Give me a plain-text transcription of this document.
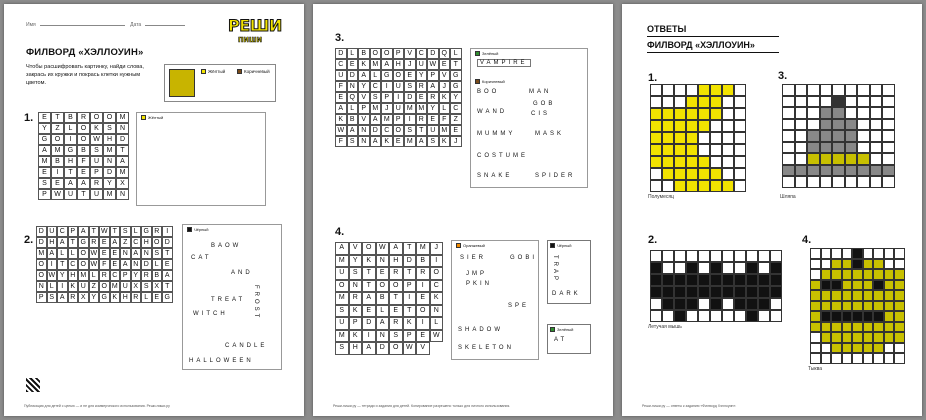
Имя	Дата	РЕШИ
пиши
ФИЛВОРД «ХЭЛЛОУИН»
Чтобы расшифровать картинку, найди слова, закрась их кружки и покрась клетки нужным цветом.
Жёлтый	Коричневый
1.	E	T	B	R	O	O	M
Y	Z	L	O	K	S	N
G	O	I	O W	H	D
A	M	G	B	S	M	T
M	B	H	F	U	N	A
E	I	T	E	P	D	M
S	E	A	A	R	Y	X
P	W	U	T	U	M	N
Жёлтый
2.
D U C P A T W T S L G R I
D H A T G R E A Z C H O D
M A L L O W E E N A N S T
O I	T C O W F E A N D L E
O W Y H M L R C P Y R B A
N L	I	K U Z O M U X S X T
P S A R X Y G K H R L E G
Чёрный
BAOW
CAT
AND
FROST
TREAT
WITCH
CANDLE
HALLOWEEN
Публикация для детей с целью — и не для коммерческого использования. Реши-пиши.ру
3.
D	L	B O O P V C D Q L
C E K M A H	J	U W E	T
U D A	L G O E Y P V G
F N Y C	I	U S R A	J	G
E Q V S P	I	D E R K Y
A	L	P M J	U M M Y	L	C
K B V A M P	I	R E	F	Z
W A N D C O S	T U M E
F	S N A K E M A S K	J
Зелёный
VAMPIRE
Коричневый
BOO	MAN
WAND
GOB
CIS
MUMMY	MASK
COSTUME
SNAKE	SPIDER
4.
A	V	O	W	A	T	M	J
M	Y	K	N	H	D	B	I
U	S	T	E	R	T	R	O
O	N	T	O	O	P	I	C
M	R	A	B	T	I	E	K
S	K	E	L	E	T	O	N
U	P	D	A	R	K	I	L
M	K	I	N	S	P	E	W
S	H	A	D	O	W	V
Оранжевый
SIER	GOBI
JMP
PKIN
SPE
SHADOW
SKELETON
Чёрный
TRAP
DARK
Зелёный
AT
Реши-пиши.ру — тетради и задания для детей. Копирование разрешено только для личного использования.
ОТВЕТЫ
ФИЛВОРД «ХЭЛЛОУИН»
1.
Полумесяц
3.
Шляпа
2.
Летучая мышь
4.
Тыква
Реши-пиши.ру — ответы к заданию «Филворд Хэллоуин».
